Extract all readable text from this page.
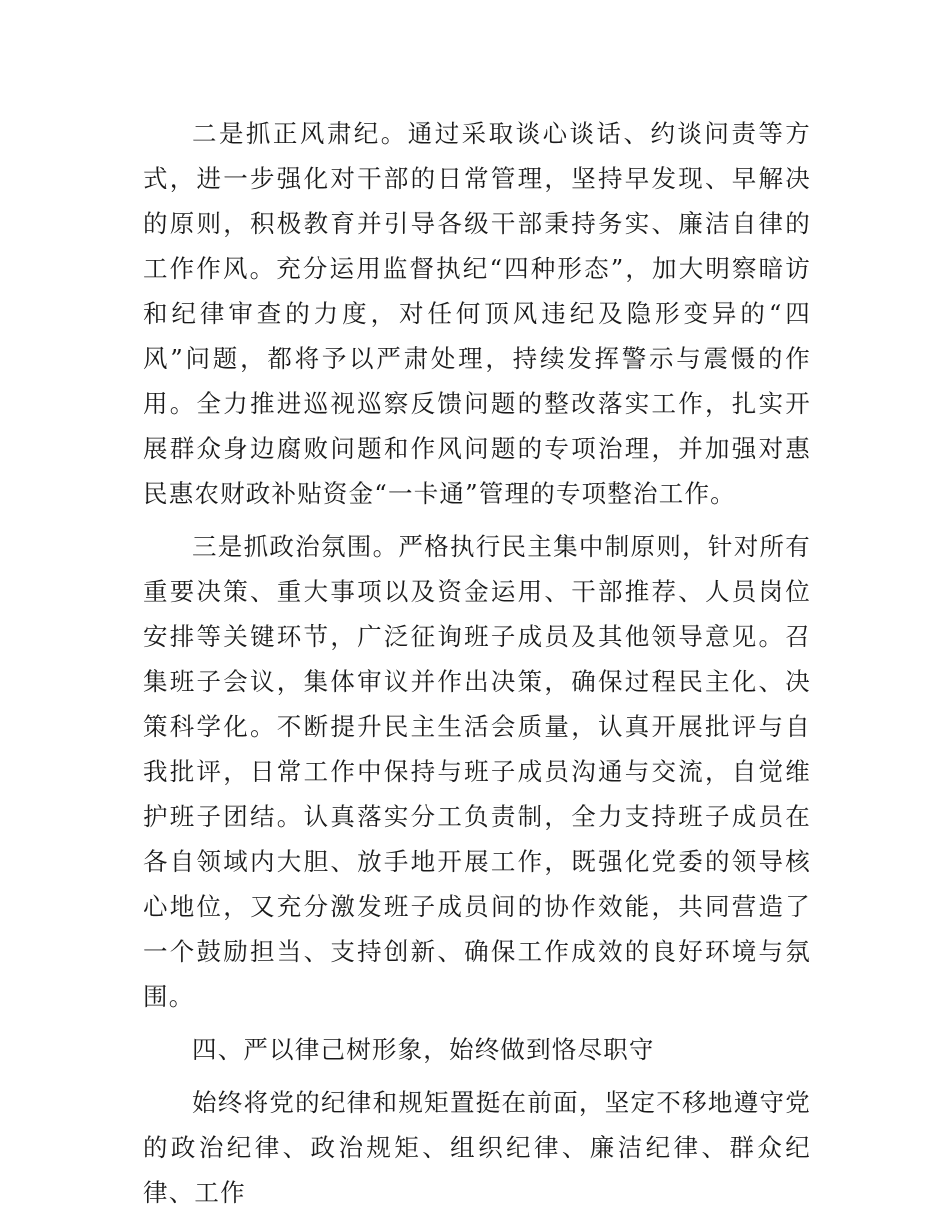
二是抓正风肃纪。通过采取谈心谈话、约谈问责等方式，进一步强化对干部的日常管理，坚持早发现、早解决的原则，积极教育并引导各级干部秉持务实、廉洁自律的工作作风。充分运用监督执纪“四种形态”，加大明察暗访和纪律审查的力度，对任何顶风违纪及隐形变异的“四风”问题，都将予以严肃处理，持续发挥警示与震慑的作用。全力推进巡视巡察反馈问题的整改落实工作，扎实开展群众身边腐败问题和作风问题的专项治理，并加强对惠民惠农财政补贴资金“一卡通”管理的专项整治工作。

三是抓政治氛围。严格执行民主集中制原则，针对所有重要决策、重大事项以及资金运用、干部推荐、人员岗位安排等关键环节，广泛征询班子成员及其他领导意见。召集班子会议，集体审议并作出决策，确保过程民主化、决策科学化。不断提升民主生活会质量，认真开展批评与自我批评，日常工作中保持与班子成员沟通与交流，自觉维护班子团结。认真落实分工负责制，全力支持班子成员在各自领域内大胆、放手地开展工作，既强化党委的领导核心地位，又充分激发班子成员间的协作效能，共同营造了一个鼓励担当、支持创新、确保工作成效的良好环境与氛围。

四、严以律己树形象，始终做到恪尽职守

始终将党的纪律和规矩置挺在前面，坚定不移地遵守党的政治纪律、政治规矩、组织纪律、廉洁纪律、群众纪律、工作
